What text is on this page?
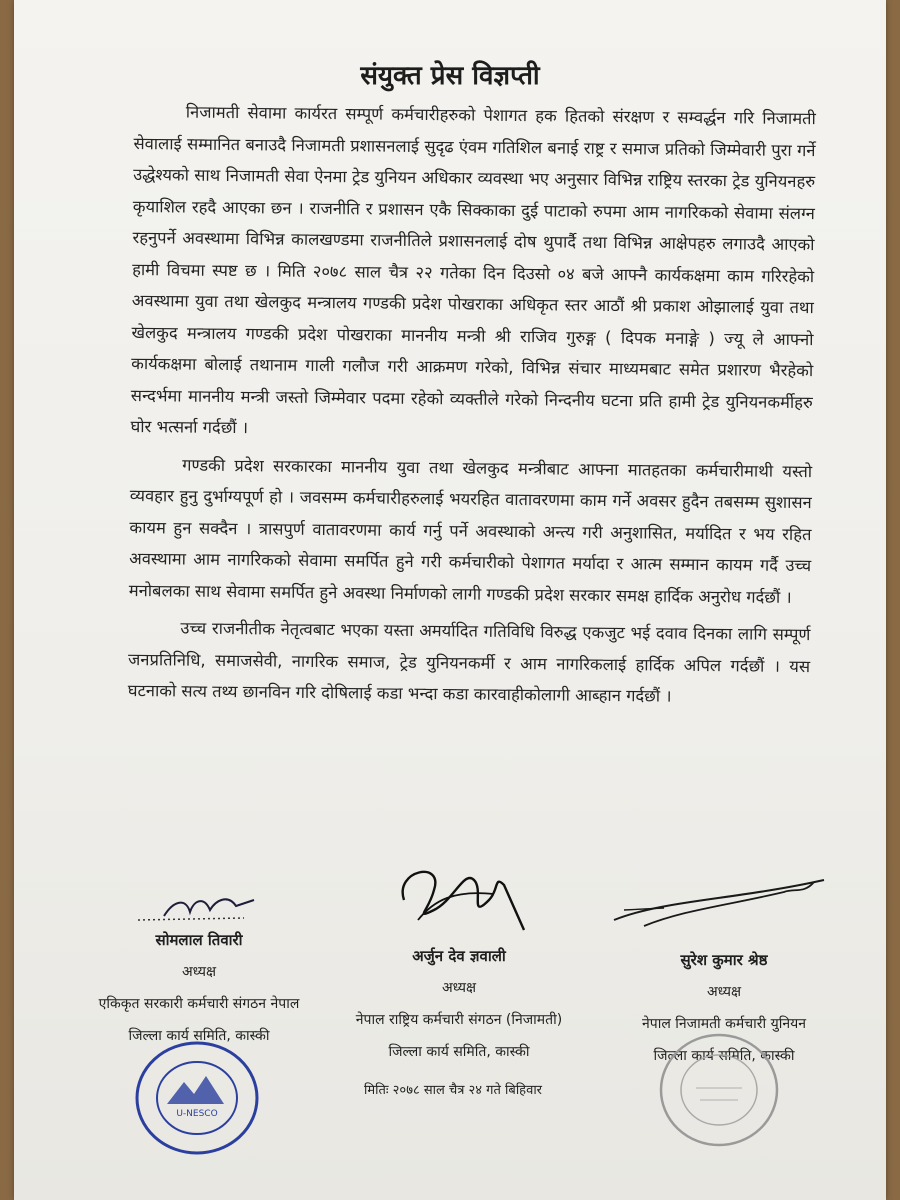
संयुक्त प्रेस विज्ञप्ती

निजामती सेवामा कार्यरत सम्पूर्ण कर्मचारीहरुको पेशागत हक हितको संरक्षण र सम्वर्द्धन गरि निजामती सेवालाई सम्मानित बनाउदै निजामती प्रशासनलाई सुदृढ एंवम गतिशिल बनाई राष्ट्र र समाज प्रतिको जिम्मेवारी पुरा गर्ने उद्धेश्यको साथ निजामती सेवा ऐनमा ट्रेड युनियन अधिकार व्यवस्था भए अनुसार विभिन्न राष्ट्रिय स्तरका ट्रेड युनियनहरु कृयाशिल रहदै आएका छन । राजनीति र प्रशासन एकै सिक्काका दुई पाटाको रुपमा आम नागरिकको सेवामा संलग्न रहनुपर्ने अवस्थामा विभिन्न कालखण्डमा राजनीतिले प्रशासनलाई दोष थुपार्दै तथा विभिन्न आक्षेपहरु लगाउदै आएको हामी विचमा स्पष्ट छ । मिति २०७८ साल चैत्र २२ गतेका दिन दिउसो ०४ बजे आफ्नै कार्यकक्षमा काम गरिरहेको अवस्थामा युवा तथा खेलकुद मन्त्रालय गण्डकी प्रदेश पोखराका अधिकृत स्तर आठौं श्री प्रकाश ओझालाई युवा तथा खेलकुद मन्त्रालय गण्डकी प्रदेश पोखराका माननीय मन्त्री श्री राजिव गुरुङ्ग ( दिपक मनाङ्गे ) ज्यू ले आफ्नो कार्यकक्षमा बोलाई तथानाम गाली गलौज गरी आक्रमण गरेको, विभिन्न संचार माध्यमबाट समेत प्रशारण भैरहेको सन्दर्भमा माननीय मन्त्री जस्तो जिम्मेवार पदमा रहेको व्यक्तीले गरेको निन्दनीय घटना प्रति हामी ट्रेड युनियनकर्मीहरु घोर भत्सर्ना गर्दछौं ।

गण्डकी प्रदेश सरकारका माननीय युवा तथा खेलकुद मन्त्रीबाट आफ्ना मातहतका कर्मचारीमाथी यस्तो व्यवहार हुनु दुर्भाग्यपूर्ण हो । जवसम्म कर्मचारीहरुलाई भयरहित वातावरणमा काम गर्ने अवसर हुदैन तबसम्म सुशासन कायम हुन सक्दैन । त्रासपुर्ण वातावरणमा कार्य गर्नु पर्ने अवस्थाको अन्त्य गरी अनुशासित, मर्यादित र भय रहित अवस्थामा आम नागरिकको सेवामा समर्पित हुने गरी कर्मचारीको पेशागत मर्यादा र आत्म सम्मान कायम गर्दै उच्च मनोबलका साथ सेवामा समर्पित हुने अवस्था निर्माणको लागी गण्डकी प्रदेश सरकार समक्ष हार्दिक अनुरोध गर्दछौं ।

उच्च राजनीतीक नेतृत्वबाट भएका यस्ता अमर्यादित गतिविधि विरुद्ध एकजुट भई दवाव दिनका लागि सम्पूर्ण जनप्रतिनिधि, समाजसेवी, नागरिक समाज, ट्रेड युनियनकर्मी र आम नागरिकलाई हार्दिक अपिल गर्दछौं । यस घटनाको सत्य तथ्य छानविन गरि दोषिलाई कडा भन्दा कडा कारवाहीकोलागी आब्हान गर्दछौं ।

सोमलाल तिवारी
अध्यक्ष
एकिकृत सरकारी कर्मचारी संगठन नेपाल
जिल्ला कार्य समिति, कास्की
अर्जुन देव ज्ञवाली
अध्यक्ष
नेपाल राष्ट्रिय कर्मचारी संगठन (निजामती)
जिल्ला कार्य समिति, कास्की
सुरेश कुमार श्रेष्ठ
अध्यक्ष
नेपाल निजामती कर्मचारी युनियन
जिल्ला कार्य समिति, कास्की
मितिः २०७८ साल चैत्र २४ गते बिहिवार
U-NESCO
